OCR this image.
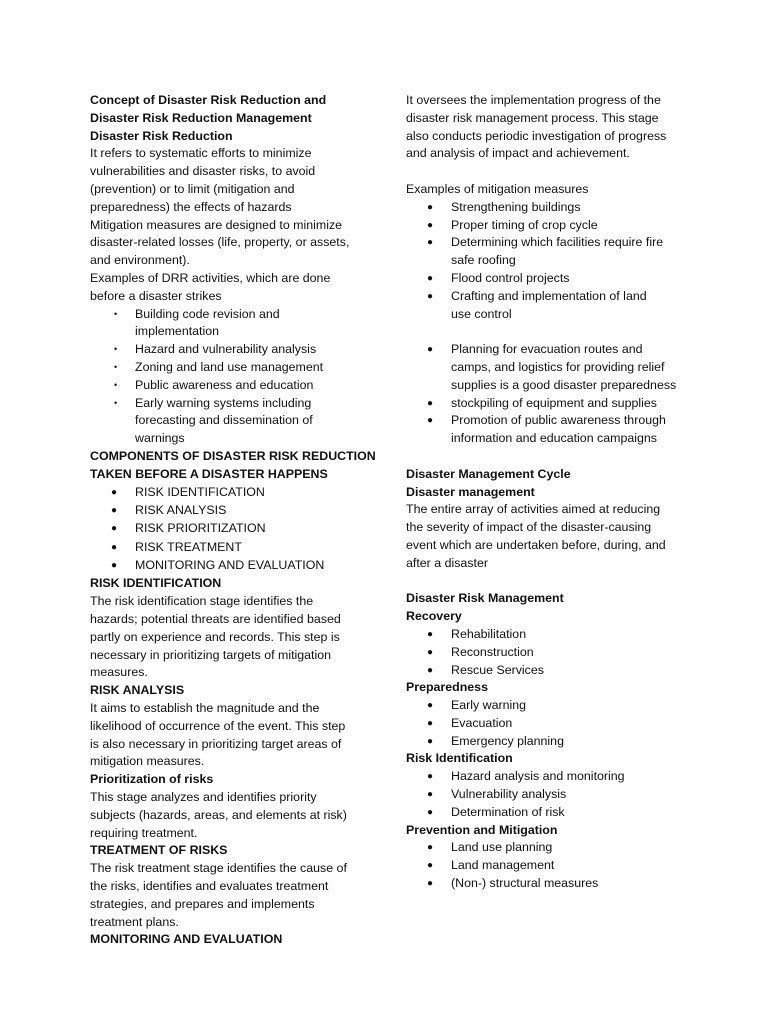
Concept of Disaster Risk Reduction and

Disaster Risk Reduction Management

Disaster Risk Reduction

It refers to systematic efforts to minimize

vulnerabilities and disaster risks, to avoid

(prevention) or to limit (mitigation and

preparedness) the effects of hazards

Mitigation measures are designed to minimize

disaster-related losses (life, property, or assets,

and environment).

Examples of DRR activities, which are done

before a disaster strikes

• Building code revision and
implementation
• Hazard and vulnerability analysis
• Zoning and land use management
• Public awareness and education
• Early warning systems including
forecasting and dissemination of
warnings

COMPONENTS OF DISASTER RISK REDUCTION

TAKEN BEFORE A DISASTER HAPPENS

● RISK IDENTIFICATION
● RISK ANALYSIS
● RISK PRIORITIZATION
● RISK TREATMENT
● MONITORING AND EVALUATION

RISK IDENTIFICATION

The risk identification stage identifies the

hazards; potential threats are identified based

partly on experience and records. This step is

necessary in prioritizing targets of mitigation

measures.

RISK ANALYSIS

It aims to establish the magnitude and the

likelihood of occurrence of the event. This step

is also necessary in prioritizing target areas of

mitigation measures.

Prioritization of risks

This stage analyzes and identifies priority

subjects (hazards, areas, and elements at risk)

requiring treatment.

TREATMENT OF RISKS

The risk treatment stage identifies the cause of

the risks, identifies and evaluates treatment

strategies, and prepares and implements

treatment plans.

MONITORING AND EVALUATION

It oversees the implementation progress of the

disaster risk management process. This stage

also conducts periodic investigation of progress

and analysis of impact and achievement.

Examples of mitigation measures

● Strengthening buildings
● Proper timing of crop cycle
● Determining which facilities require fire
safe roofing
● Flood control projects
● Crafting and implementation of land
use control
● Planning for evacuation routes and
camps, and logistics for providing relief
supplies is a good disaster preparedness
● stockpiling of equipment and supplies
● Promotion of public awareness through
information and education campaigns

Disaster Management Cycle

Disaster management

The entire array of activities aimed at reducing

the severity of impact of the disaster-causing

event which are undertaken before, during, and

after a disaster

Disaster Risk Management

Recovery

● Rehabilitation
● Reconstruction
● Rescue Services

Preparedness

● Early warning
● Evacuation
● Emergency planning

Risk Identification

● Hazard analysis and monitoring
● Vulnerability analysis
● Determination of risk

Prevention and Mitigation

● Land use planning
● Land management
● (Non-) structural measures
